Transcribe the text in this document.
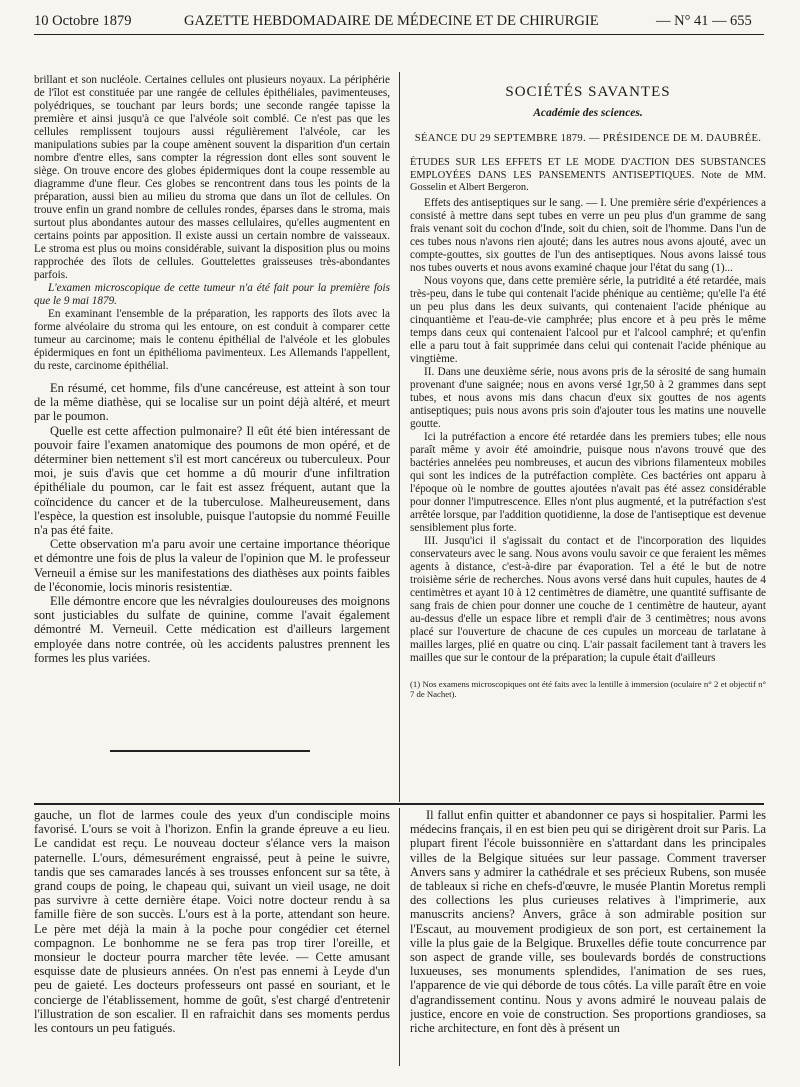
10 Octobre 1879	GAZETTE HEBDOMADAIRE DE MÉDECINE ET DE CHIRURGIE	— N° 41 — 655

brillant et son nucléole. Certaines cellules ont plusieurs noyaux. La périphérie de l'îlot est constituée par une rangée de cellules épithéliales, pavimenteuses, polyédriques, se touchant par leurs bords; une seconde rangée tapisse la première et ainsi jusqu'à ce que l'alvéole soit comblé. Ce n'est pas que les cellules remplissent toujours aussi régulièrement l'alvéole, car les manipulations subies par la coupe amènent souvent la disparition d'un certain nombre d'entre elles, sans compter la régression dont elles sont souvent le siège. On trouve encore des globes épidermiques dont la coupe ressemble au diagramme d'une fleur. Ces globes se rencontrent dans tous les points de la préparation, aussi bien au milieu du stroma que dans un îlot de cellules. On trouve enfin un grand nombre de cellules rondes, éparses dans le stroma, mais surtout plus abondantes autour des masses cellulaires, qu'elles augmentent en certains points par apposition. Il existe aussi un certain nombre de vaisseaux. Le stroma est plus ou moins considérable, suivant la disposition plus ou moins rapprochée des îlots de cellules. Gouttelettes graisseuses très-abondantes parfois.

L'examen microscopique de cette tumeur n'a été fait pour la première fois que le 9 mai 1879.

En examinant l'ensemble de la préparation, les rapports des îlots avec la forme alvéolaire du stroma qui les entoure, on est conduit à comparer cette tumeur au carcinome; mais le contenu épithélial de l'alvéole et les globules épidermiques en font un épithélioma pavimenteux. Les Allemands l'appellent, du reste, carcinome épithélial.

En résumé, cet homme, fils d'une cancéreuse, est atteint à son tour de la même diathèse, qui se localise sur un point déjà altéré, et meurt par le poumon.

Quelle est cette affection pulmonaire? Il eût été bien intéressant de pouvoir faire l'examen anatomique des poumons de mon opéré, et de déterminer bien nettement s'il est mort cancéreux ou tuberculeux. Pour moi, je suis d'avis que cet homme a dû mourir d'une infiltration épithéliale du poumon, car le fait est assez fréquent, autant que la coïncidence du cancer et de la tuberculose. Malheureusement, dans l'espèce, la question est insoluble, puisque l'autopsie du nommé Feuille n'a pas été faite.

Cette observation m'a paru avoir une certaine importance théorique et démontre une fois de plus la valeur de l'opinion que M. le professeur Verneuil a émise sur les manifestations des diathèses aux points faibles de l'économie, locis minoris resistentiæ.

Elle démontre encore que les névralgies douloureuses des moignons sont justiciables du sulfate de quinine, comme l'avait également démontré M. Verneuil. Cette médication est d'ailleurs largement employée dans notre contrée, où les accidents palustres prennent les formes les plus variées.

SOCIÉTÉS SAVANTES
Académie des sciences.
SÉANCE DU 29 SEPTEMBRE 1879. — PRÉSIDENCE DE M. DAUBRÉE.
ÉTUDES SUR LES EFFETS ET LE MODE D'ACTION DES SUBSTANCES EMPLOYÉES DANS LES PANSEMENTS ANTISEPTIQUES. Note de MM. Gosselin et Albert Bergeron.

Effets des antiseptiques sur le sang. — I. Une première série d'expériences a consisté à mettre dans sept tubes en verre un peu plus d'un gramme de sang frais venant soit du cochon d'Inde, soit du chien, soit de l'homme. Dans l'un de ces tubes nous n'avons rien ajouté; dans les autres nous avons ajouté, avec un compte-gouttes, six gouttes de l'un des antiseptiques. Nous avons laissé tous nos tubes ouverts et nous avons examiné chaque jour l'état du sang (1)...

Nous voyons que, dans cette première série, la putridité a été retardée, mais très-peu, dans le tube qui contenait l'acide phénique au centième; qu'elle l'a été un peu plus dans les deux suivants, qui contenaient l'acide phénique au cinquantième et l'eau-de-vie camphrée; plus encore et à peu près le même temps dans ceux qui contenaient l'alcool pur et l'alcool camphré; et qu'enfin elle a paru tout à fait supprimée dans celui qui contenait l'acide phénique au vingtième.

II. Dans une deuxième série, nous avons pris de la sérosité de sang humain provenant d'une saignée; nous en avons versé 1gr,50 à 2 grammes dans sept tubes, et nous avons mis dans chacun d'eux six gouttes de nos agents antiseptiques; puis nous avons pris soin d'ajouter tous les matins une nouvelle goutte.

Ici la putréfaction a encore été retardée dans les premiers tubes; elle nous paraît même y avoir été amoindrie, puisque nous n'avons trouvé que des bactéries annelées peu nombreuses, et aucun des vibrions filamenteux mobiles qui sont les indices de la putréfaction complète. Ces bactéries ont apparu à l'époque où le nombre de gouttes ajoutées n'avait pas été assez considérable pour donner l'imputrescence. Elles n'ont plus augmenté, et la putréfaction s'est arrêtée lorsque, par l'addition quotidienne, la dose de l'antiseptique est devenue sensiblement plus forte.

III. Jusqu'ici il s'agissait du contact et de l'incorporation des liquides conservateurs avec le sang. Nous avons voulu savoir ce que feraient les mêmes agents à distance, c'est-à-dire par évaporation. Tel a été le but de notre troisième série de recherches. Nous avons versé dans huit cupules, hautes de 4 centimètres et ayant 10 à 12 centimètres de diamètre, une quantité suffisante de sang frais de chien pour donner une couche de 1 centimètre de hauteur, ayant au-dessus d'elle un espace libre et rempli d'air de 3 centimètres; nous avons placé sur l'ouverture de chacune de ces cupules un morceau de tarlatane à mailles larges, plié en quatre ou cinq. L'air passait facilement tant à travers les mailles que sur le contour de la préparation; la cupule était d'ailleurs

(1) Nos examens microscopiques ont été faits avec la lentille à immersion (oculaire n° 2 et objectif n° 7 de Nachet).

gauche, un flot de larmes coule des yeux d'un condisciple moins favorisé. L'ours se voit à l'horizon. Enfin la grande épreuve a eu lieu. Le candidat est reçu. Le nouveau docteur s'élance vers la maison paternelle. L'ours, démesurément engraissé, peut à peine le suivre, tandis que ses camarades lancés à ses trousses enfoncent sur sa tête, à grand coups de poing, le chapeau qui, suivant un vieil usage, ne doit pas survivre à cette dernière étape. Voici notre docteur rendu à sa famille fière de son succès. L'ours est à la porte, attendant son heure. Le père met déjà la main à la poche pour congédier cet éternel compagnon. Le bonhomme ne se fera pas trop tirer l'oreille, et monsieur le docteur pourra marcher tête levée. — Cette amusant esquisse date de plusieurs années. On n'est pas ennemi à Leyde d'un peu de gaieté. Les docteurs professeurs ont passé en souriant, et le concierge de l'établissement, homme de goût, s'est chargé d'entretenir l'illustration de son escalier. Il en rafraichit dans ses moments perdus les contours un peu fatigués.

Il fallut enfin quitter et abandonner ce pays si hospitalier. Parmi les médecins français, il en est bien peu qui se dirigèrent droit sur Paris. La plupart firent l'école buissonnière en s'attardant dans les principales villes de la Belgique situées sur leur passage. Comment traverser Anvers sans y admirer la cathédrale et ses précieux Rubens, son musée de tableaux si riche en chefs-d'œuvre, le musée Plantin Moretus rempli des collections les plus curieuses relatives à l'imprimerie, aux manuscrits anciens? Anvers, grâce à son admirable position sur l'Escaut, au mouvement prodigieux de son port, est certainement la ville la plus gaie de la Belgique. Bruxelles défie toute concurrence par son aspect de grande ville, ses boulevards bordés de constructions luxueuses, ses monuments splendides, l'animation de ses rues, l'apparence de vie qui déborde de tous côtés. La ville paraît être en voie d'agrandissement continu. Nous y avons admiré le nouveau palais de justice, encore en voie de construction. Ses proportions grandioses, sa riche architecture, en font dès à présent un
